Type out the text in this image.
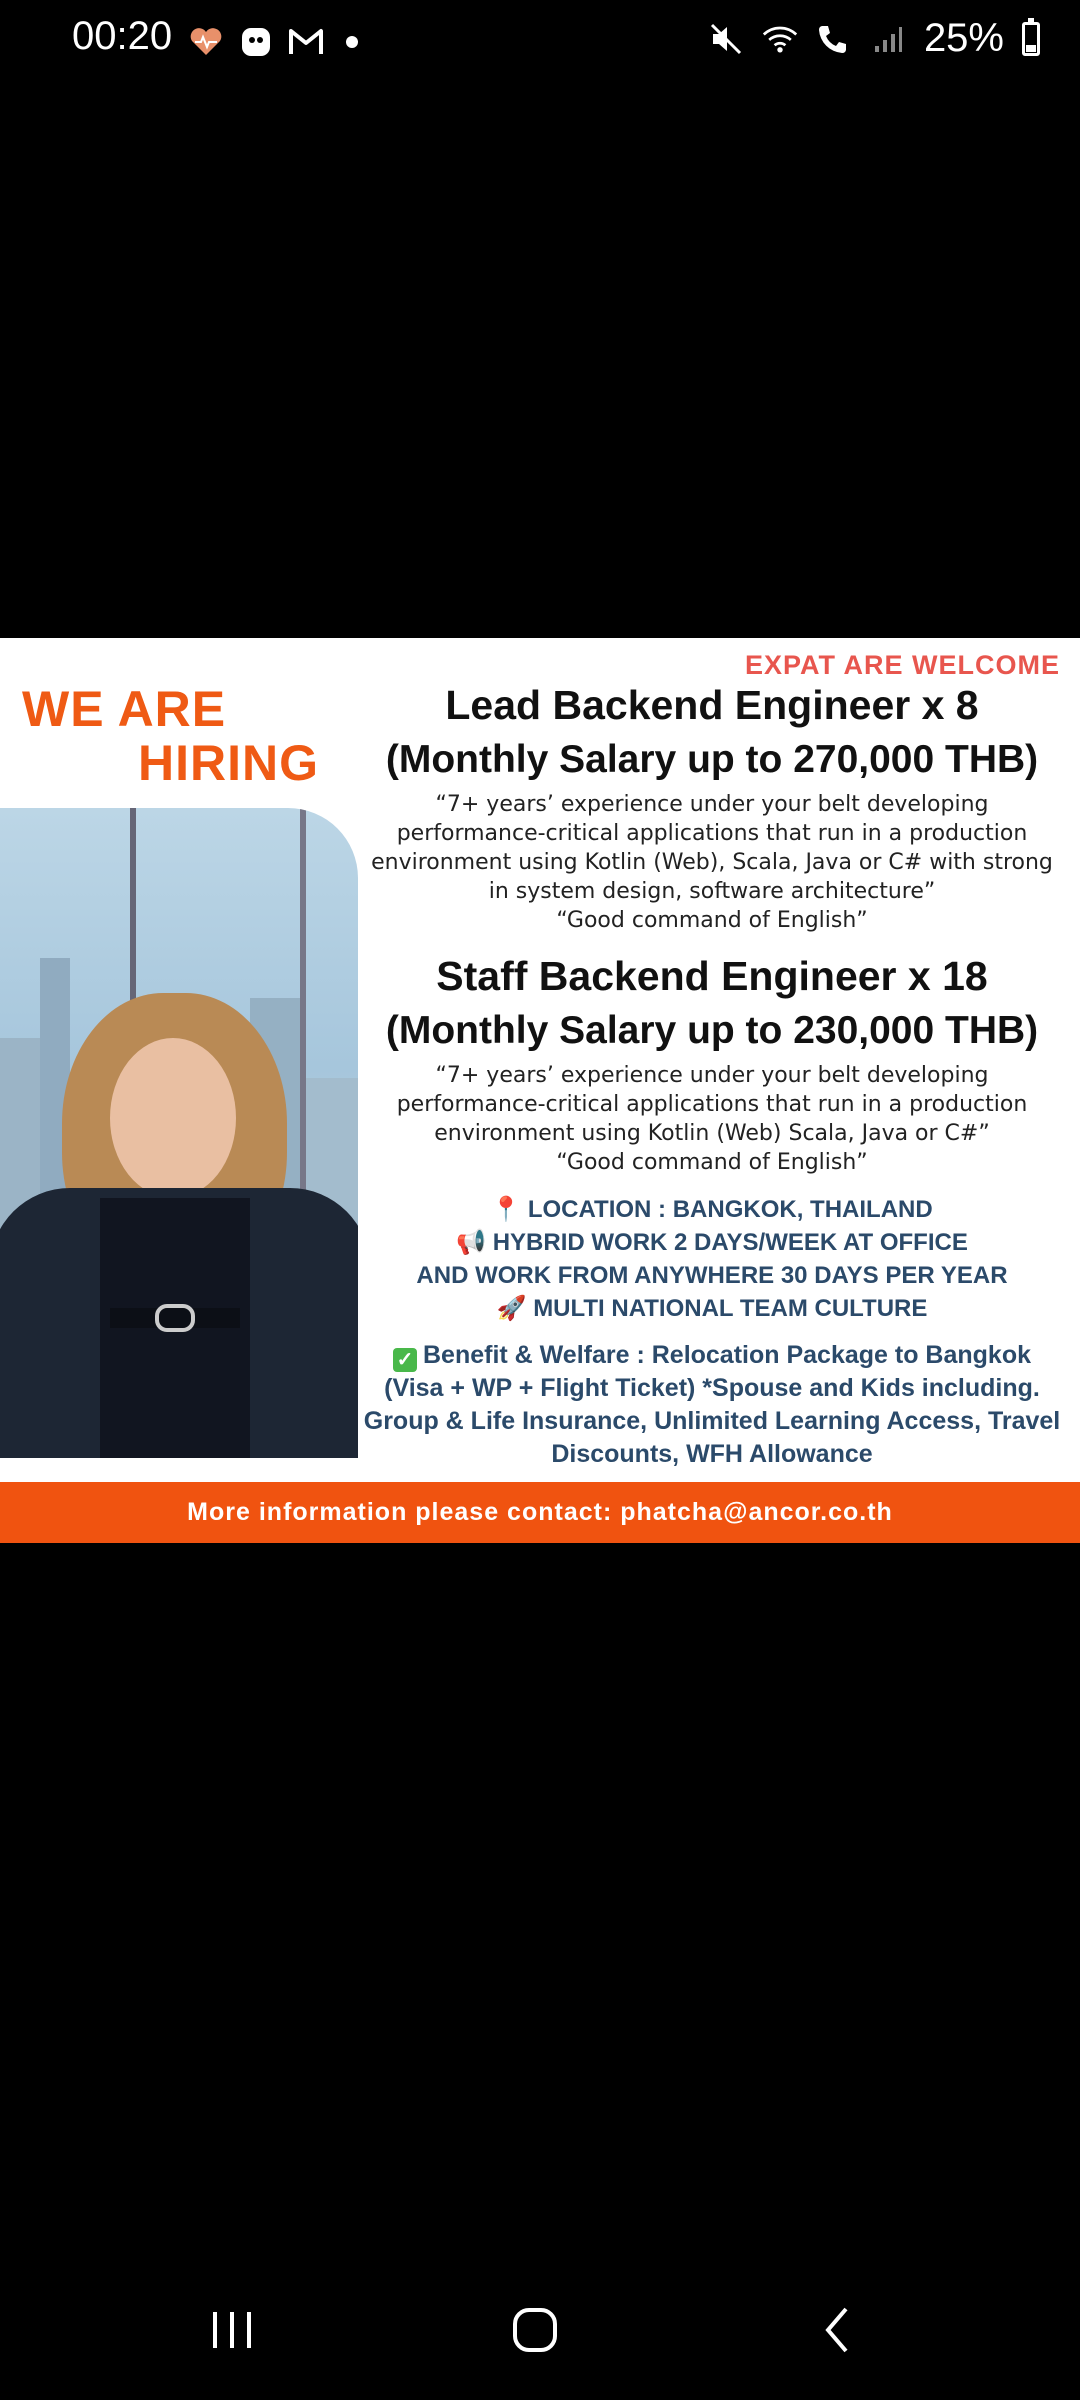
00:20	25%
EXPAT ARE WELCOME
WE ARE
HIRING
Lead Backend Engineer x 8
(Monthly Salary up to 270,000 THB)
“7+ years’ experience under your belt developing performance-critical applications that run in a production environment using Kotlin (Web), Scala, Java or C# with strong in system design, software architecture”
“Good command of English”
Staff Backend Engineer x 18
(Monthly Salary up to 230,000 THB)
“7+ years’ experience under your belt developing performance-critical applications that run in a production environment using Kotlin (Web) Scala, Java or C#”
“Good command of English”
📍 LOCATION : BANGKOK, THAILAND
📢 HYBRID WORK 2 DAYS/WEEK AT OFFICE
AND WORK FROM ANYWHERE 30 DAYS PER YEAR
🚀 MULTI NATIONAL TEAM CULTURE
✓ Benefit & Welfare : Relocation Package to Bangkok (Visa + WP + Flight Ticket) *Spouse and Kids including. Group & Life Insurance, Unlimited Learning Access, Travel Discounts, WFH Allowance
More information please contact: phatcha@ancor.co.th
